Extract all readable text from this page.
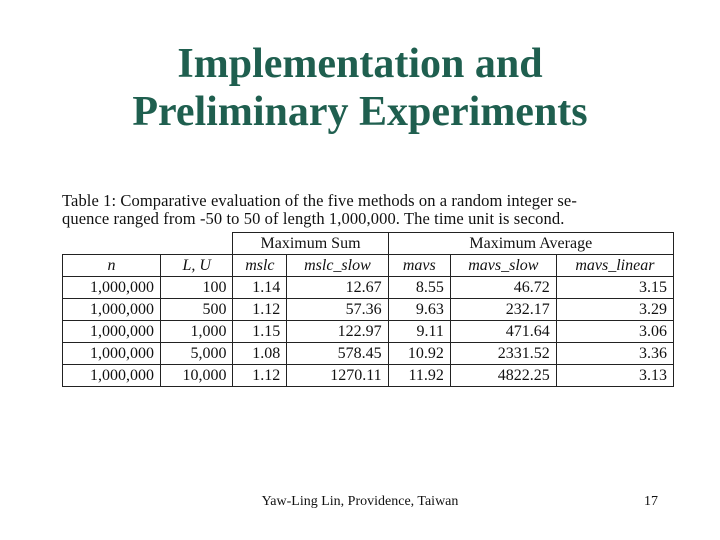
Implementation and
Preliminary Experiments
Table 1: Comparative evaluation of the five methods on a random integer se-
quence ranged from -50 to 50 of length 1,000,000. The time unit is second.
		Maximum Sum		Maximum Average		
n	L, U	mslc	mslc_slow	mavs	mavs_slow	mavs_linear
1,000,000	100	1.14	12.67	8.55	46.72	3.15
1,000,000	500	1.12	57.36	9.63	232.17	3.29
1,000,000	1,000	1.15	122.97	9.11	471.64	3.06
1,000,000	5,000	1.08	578.45	10.92	2331.52	3.36
1,000,000	10,000	1.12	1270.11	11.92	4822.25	3.13
Yaw-Ling Lin, Providence, Taiwan	17
